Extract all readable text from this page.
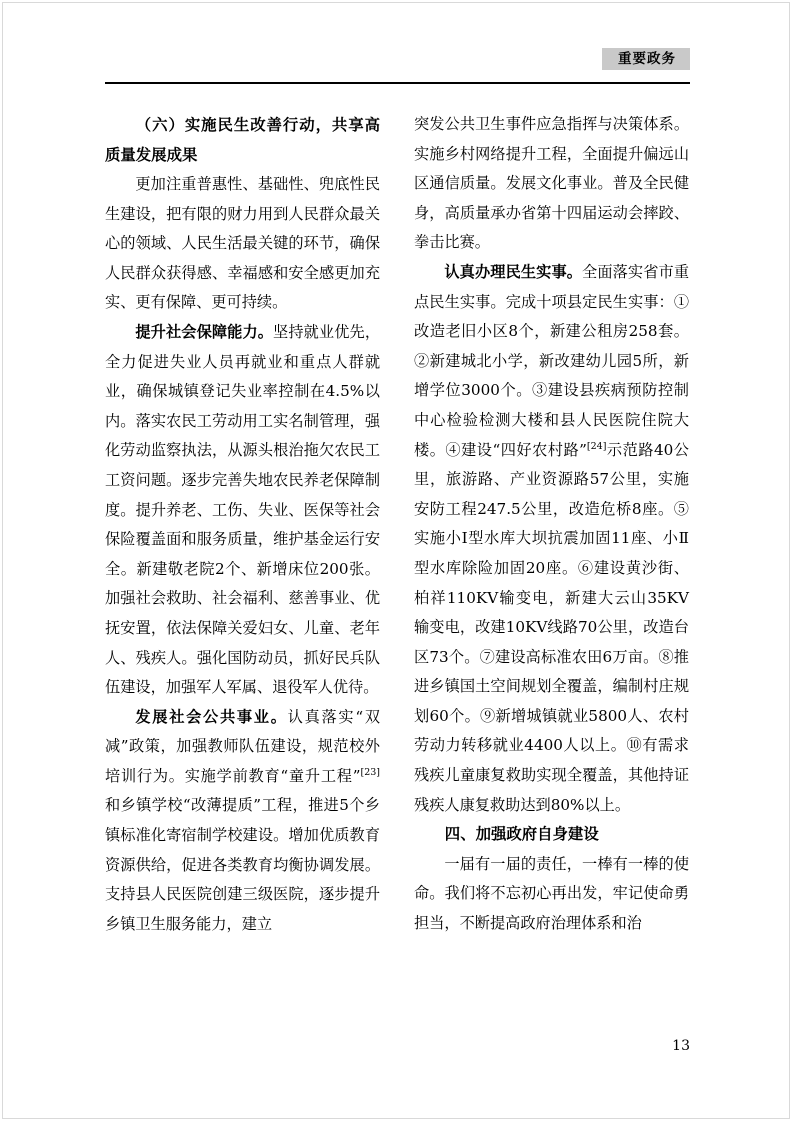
重要政务

（六）实施民生改善行动，共享高质量发展成果

更加注重普惠性、基础性、兜底性民生建设，把有限的财力用到人民群众最关心的领域、人民生活最关键的环节，确保人民群众获得感、幸福感和安全感更加充实、更有保障、更可持续。

提升社会保障能力。坚持就业优先，全力促进失业人员再就业和重点人群就业，确保城镇登记失业率控制在4.5%以内。落实农民工劳动用工实名制管理，强化劳动监察执法，从源头根治拖欠农民工工资问题。逐步完善失地农民养老保障制度。提升养老、工伤、失业、医保等社会保险覆盖面和服务质量，维护基金运行安全。新建敬老院2个、新增床位200张。加强社会救助、社会福利、慈善事业、优抚安置，依法保障关爱妇女、儿童、老年人、残疾人。强化国防动员，抓好民兵队伍建设，加强军人军属、退役军人优待。

发展社会公共事业。认真落实“双减”政策，加强教师队伍建设，规范校外培训行为。实施学前教育“童升工程”[23]和乡镇学校“改薄提质”工程，推进5个乡镇标准化寄宿制学校建设。增加优质教育资源供给，促进各类教育均衡协调发展。支持县人民医院创建三级医院，逐步提升乡镇卫生服务能力，建立

突发公共卫生事件应急指挥与决策体系。实施乡村网络提升工程，全面提升偏远山区通信质量。发展文化事业。普及全民健身，高质量承办省第十四届运动会摔跤、拳击比赛。

认真办理民生实事。全面落实省市重点民生实事。完成十项县定民生实事：①改造老旧小区8个，新建公租房258套。②新建城北小学，新改建幼儿园5所，新增学位3000个。③建设县疾病预防控制中心检验检测大楼和县人民医院住院大楼。④建设“四好农村路”[24]示范路40公里，旅游路、产业资源路57公里，实施安防工程247.5公里，改造危桥8座。⑤实施小Ⅰ型水库大坝抗震加固11座、小Ⅱ型水库除险加固20座。⑥建设黄沙街、柏祥110KV输变电，新建大云山35KV输变电，改建10KV线路70公里，改造台区73个。⑦建设高标准农田6万亩。⑧推进乡镇国土空间规划全覆盖，编制村庄规划60个。⑨新增城镇就业5800人、农村劳动力转移就业4400人以上。⑩有需求残疾儿童康复救助实现全覆盖，其他持证残疾人康复救助达到80%以上。

四、加强政府自身建设

一届有一届的责任，一棒有一棒的使命。我们将不忘初心再出发，牢记使命勇担当，不断提高政府治理体系和治

13
